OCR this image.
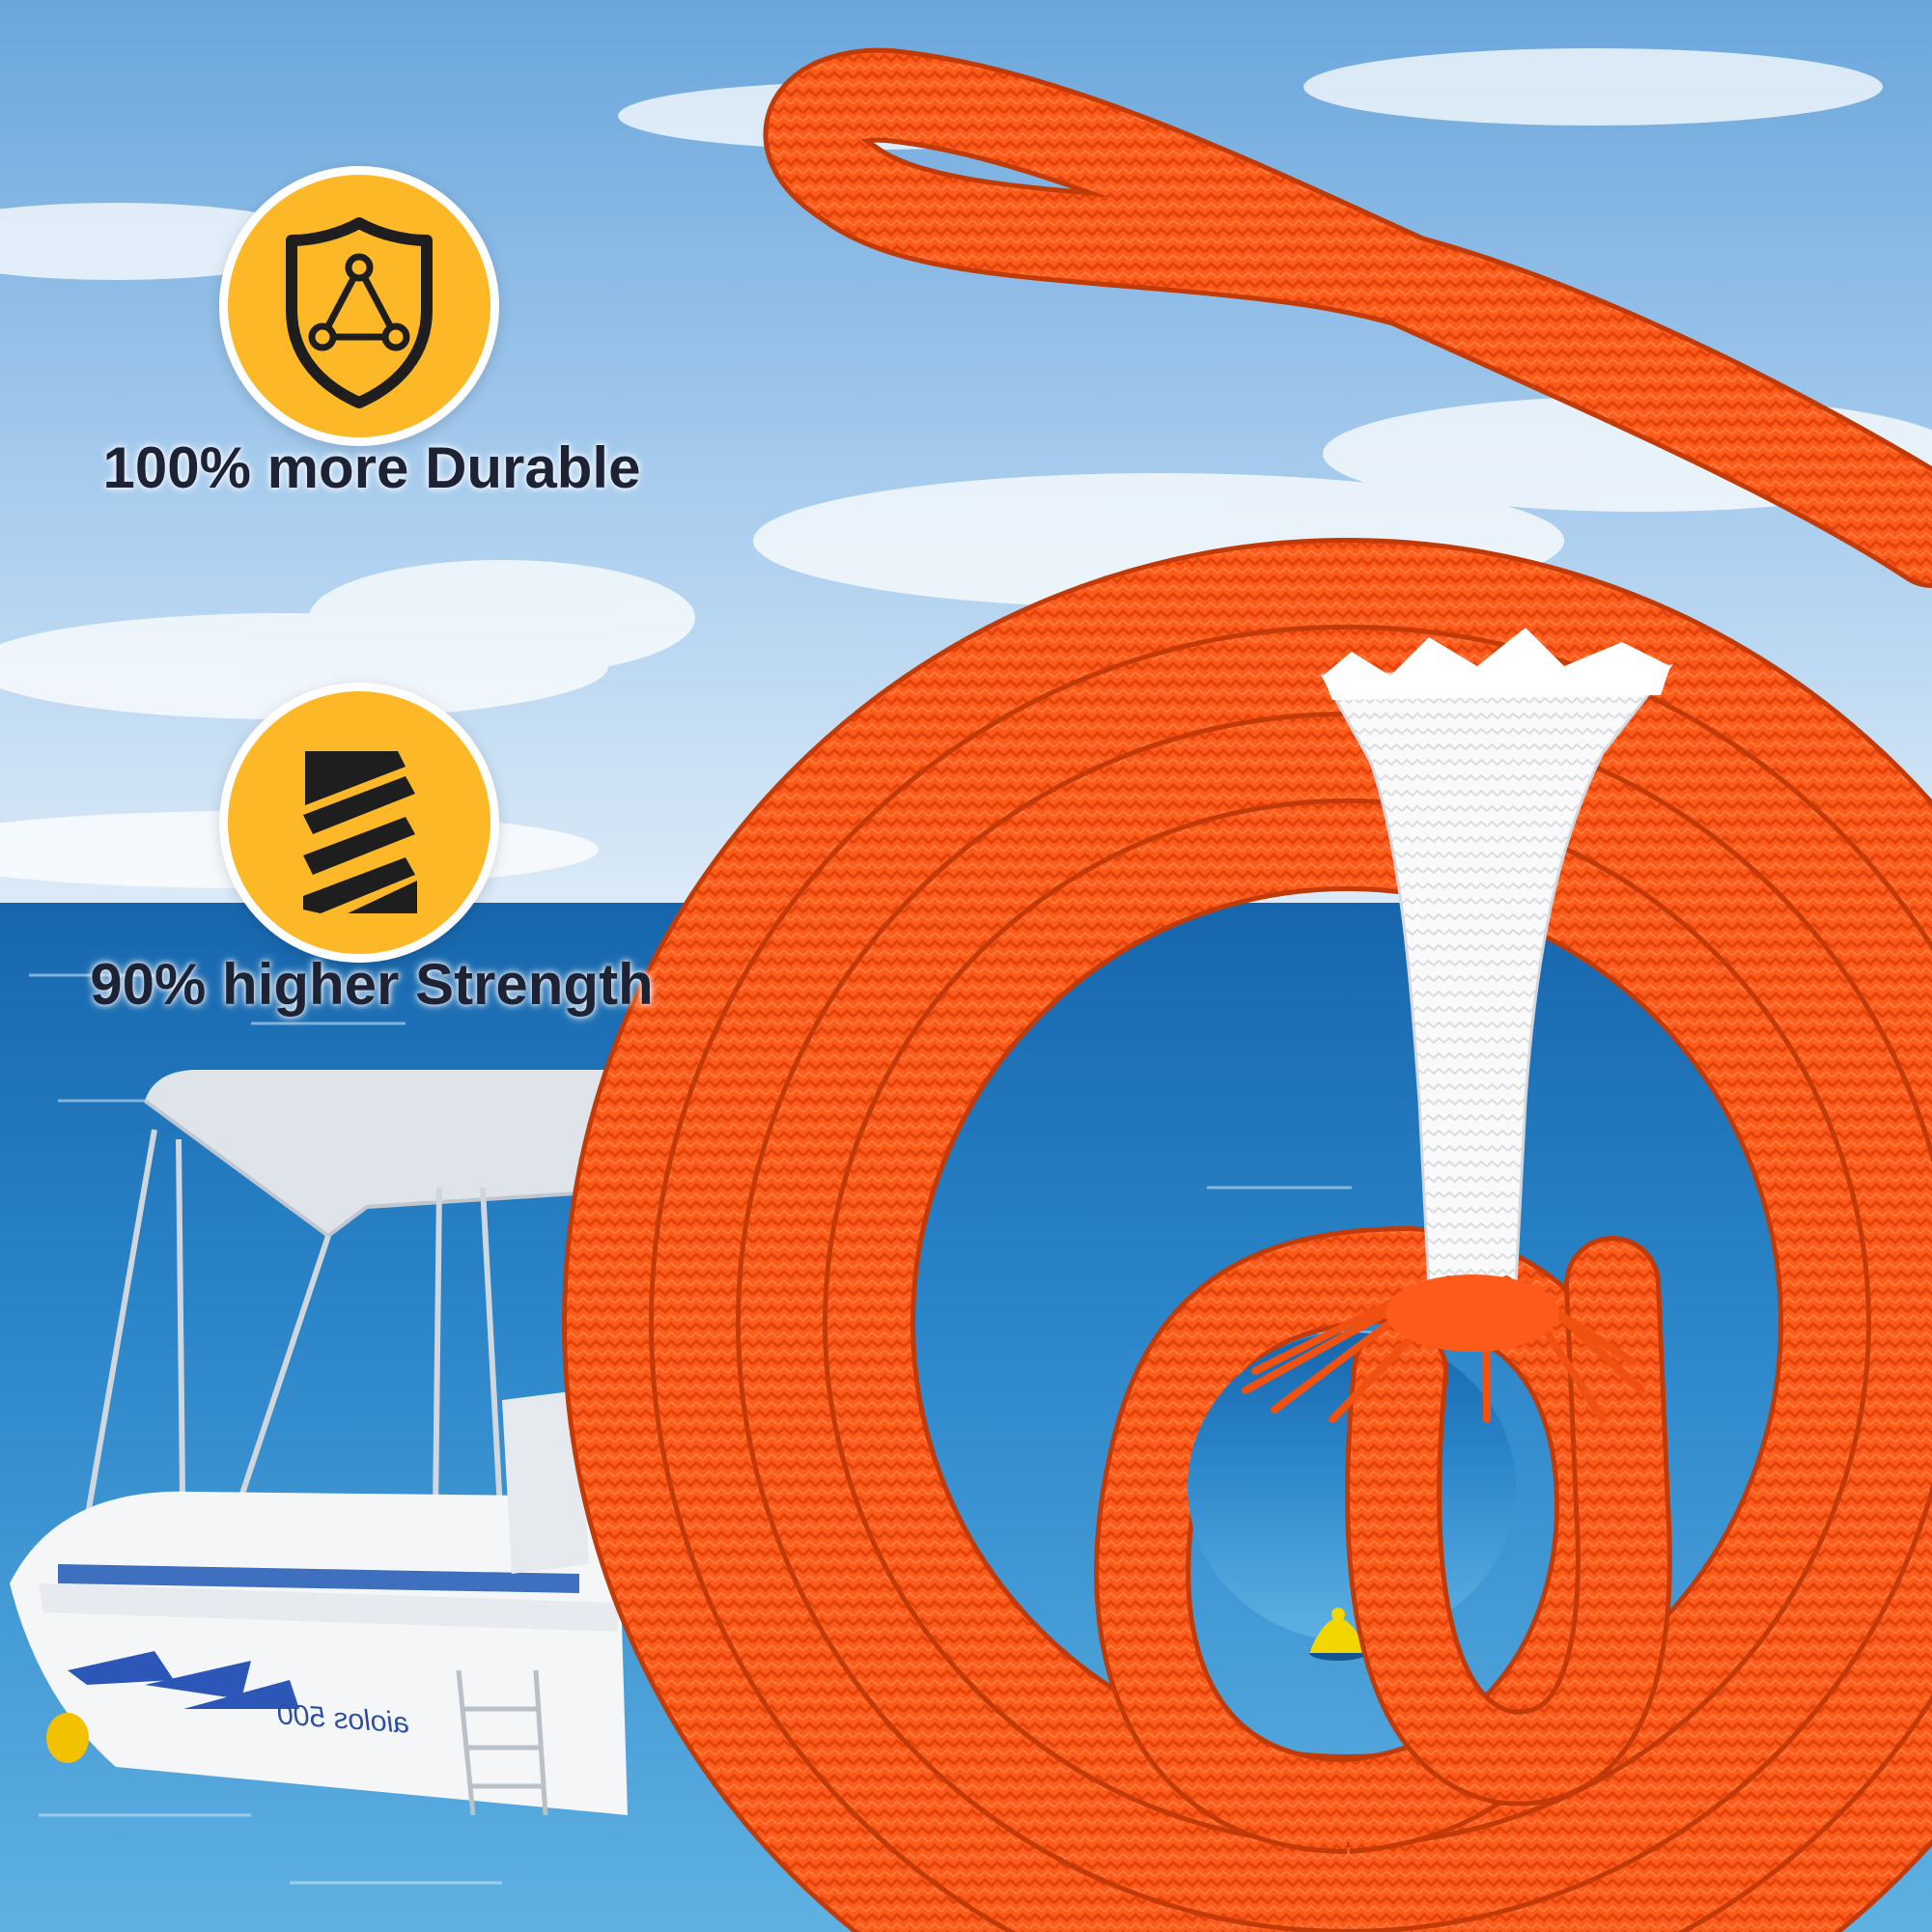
aiolos 500
100% more Durable
90% higher Strength
